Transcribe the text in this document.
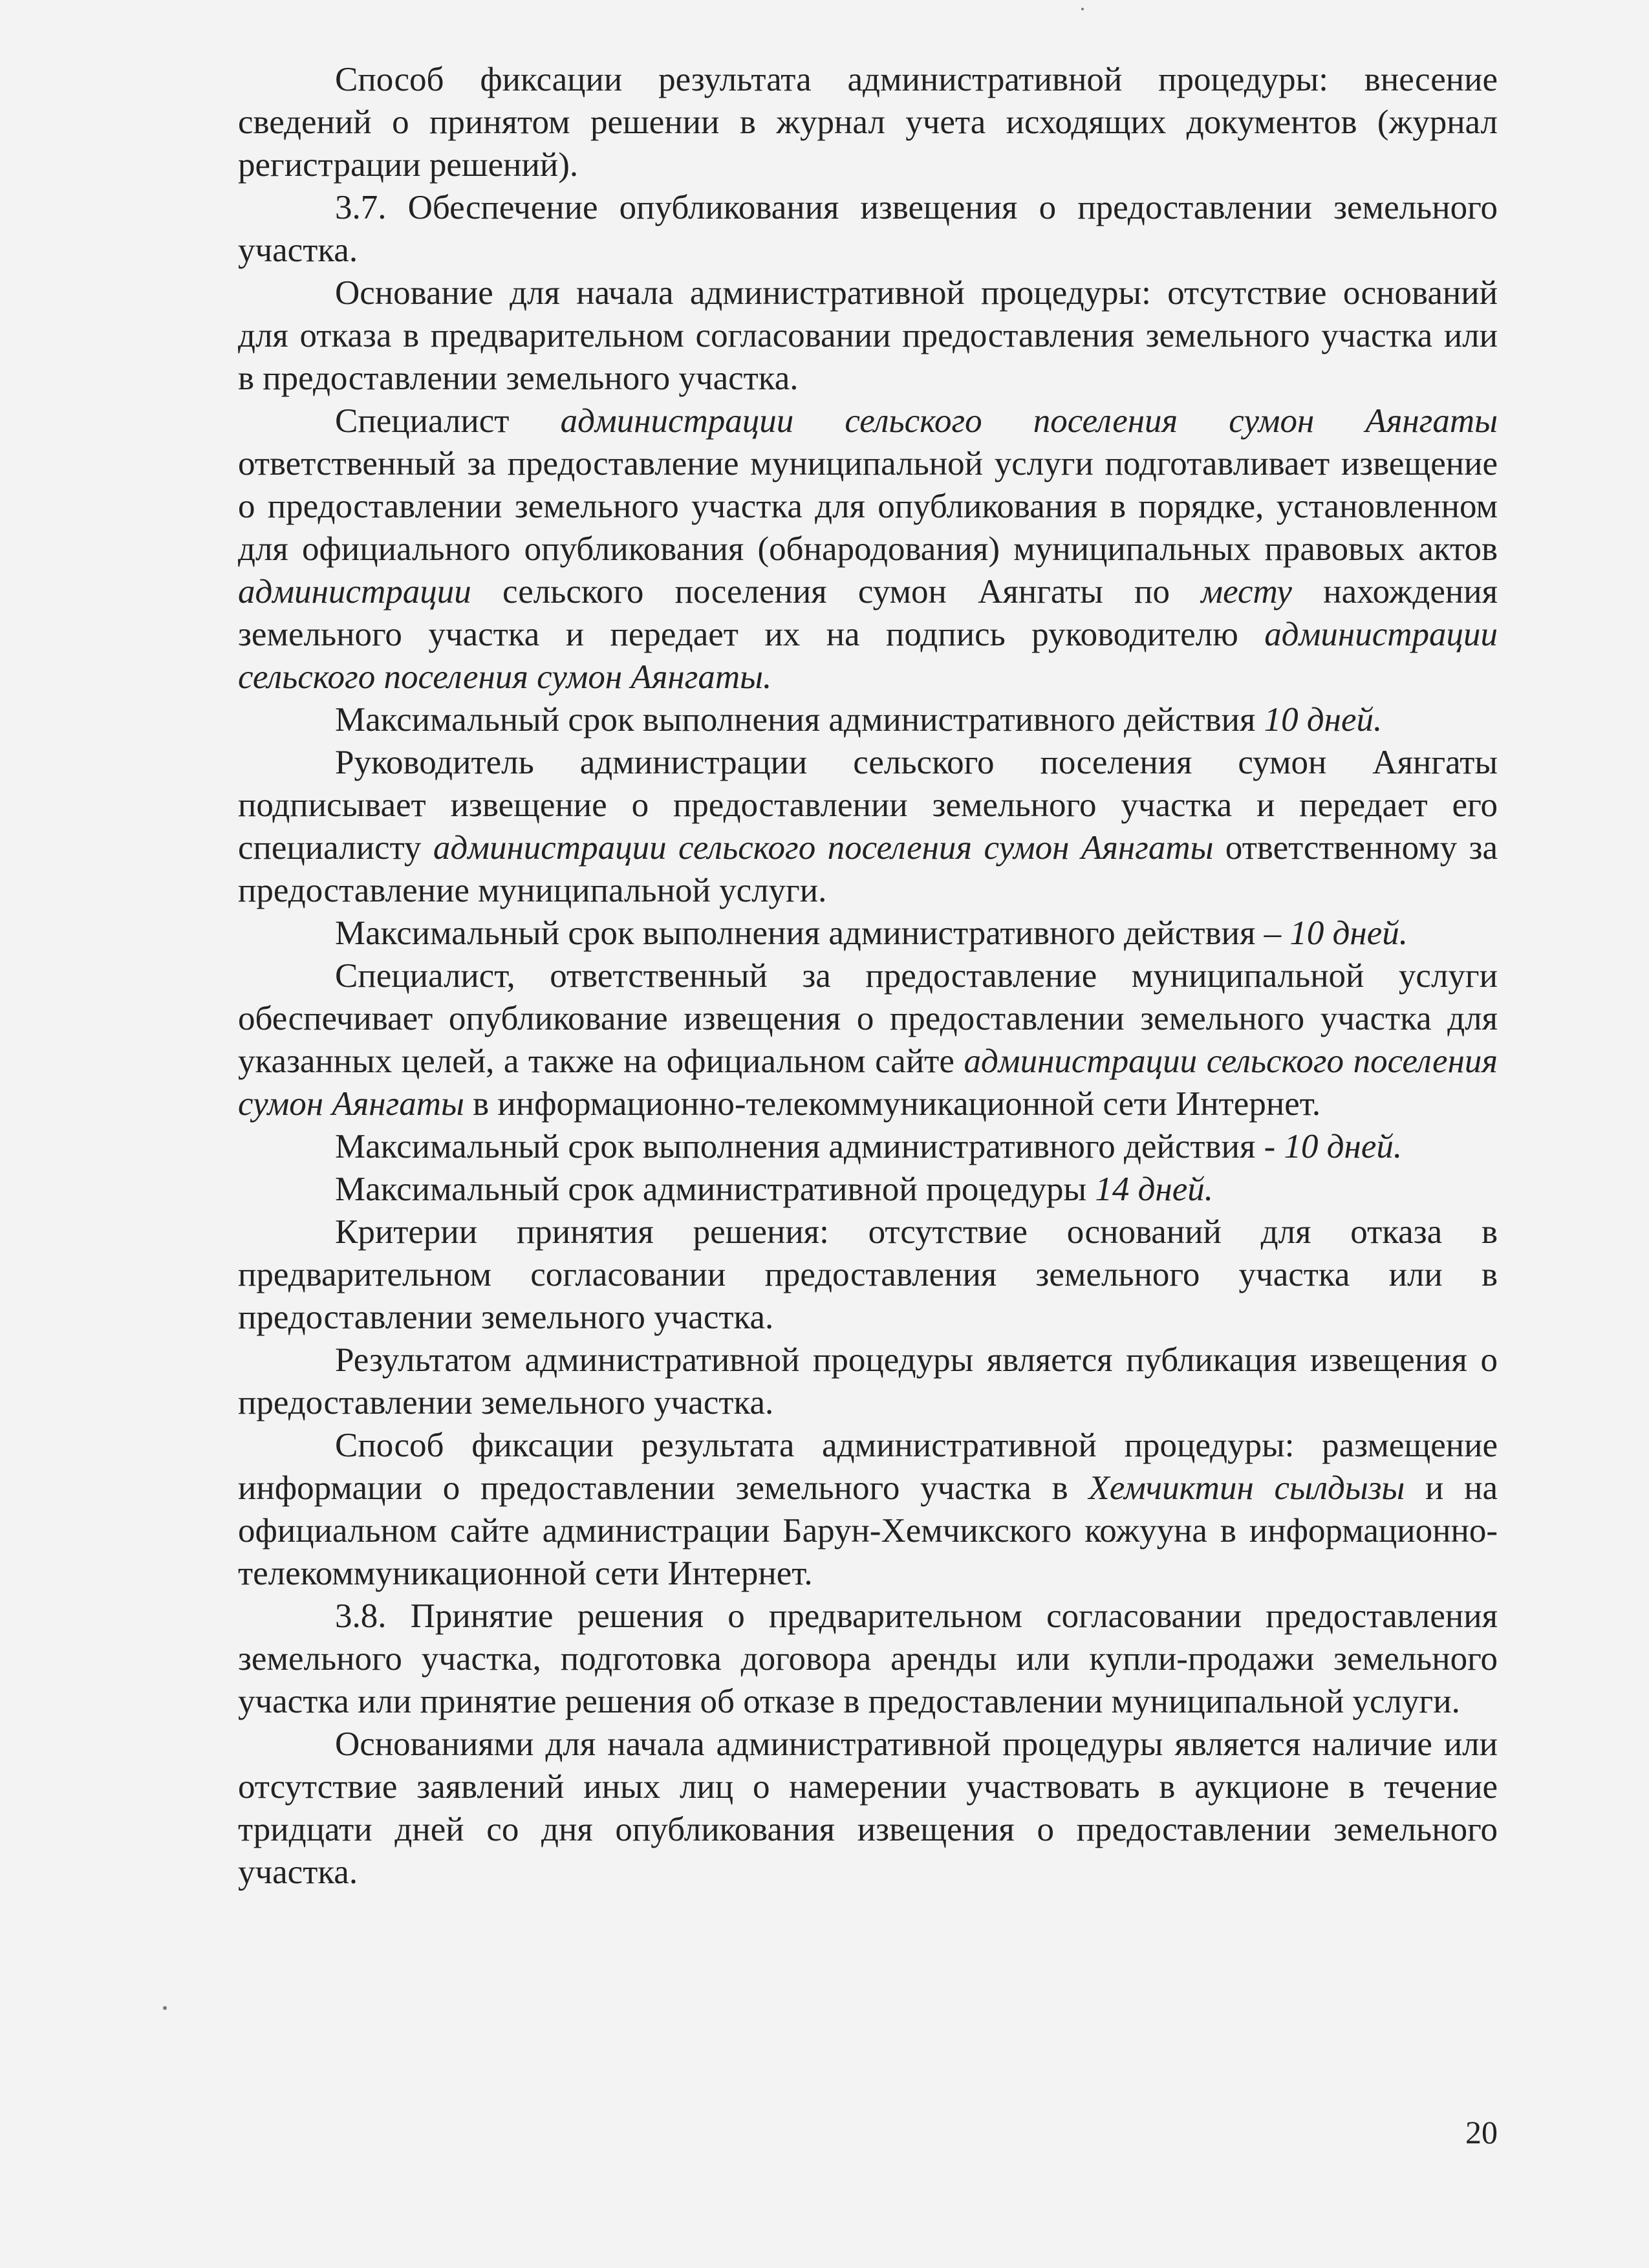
Способ фиксации результата административной процедуры: внесение сведений о принятом решении в журнал учета исходящих документов (журнал регистрации решений).

3.7. Обеспечение опубликования извещения о предоставлении земельного участка.

Основание для начала административной процедуры: отсутствие оснований для отказа в предварительном согласовании предоставления земельного участка или в предоставлении земельного участка.

Специалист администрации сельского поселения сумон Аянгаты ответственный за предоставление муниципальной услуги подготавливает извещение о предоставлении земельного участка для опубликования в порядке, установленном для официального опубликования (обнародования) муниципальных правовых актов администрации сельского поселения сумон Аянгаты по месту нахождения земельного участка и передает их на подпись руководителю администрации сельского поселения сумон Аянгаты.

Максимальный срок выполнения административного действия 10 дней.

Руководитель администрации сельского поселения сумон Аянгаты подписывает извещение о предоставлении земельного участка и передает его специалисту администрации сельского поселения сумон Аянгаты ответственному за предоставление муниципальной услуги.

Максимальный срок выполнения административного действия – 10 дней.

Специалист, ответственный за предоставление муниципальной услуги обеспечивает опубликование извещения о предоставлении земельного участка для указанных целей, а также на официальном сайте администрации сельского поселения сумон Аянгаты в информационно-телекоммуникационной сети Интернет.

Максимальный срок выполнения административного действия - 10 дней.

Максимальный срок административной процедуры 14 дней.

Критерии принятия решения: отсутствие оснований для отказа в предварительном согласовании предоставления земельного участка или в предоставлении земельного участка.

Результатом административной процедуры является публикация извещения о предоставлении земельного участка.

Способ фиксации результата административной процедуры: размещение информации о предоставлении земельного участка в Хемчиктин сылдызы и на официальном сайте администрации Барун-Хемчикского кожууна в информационно-телекоммуникационной сети Интернет.

3.8. Принятие решения о предварительном согласовании предоставления земельного участка, подготовка договора аренды или купли-продажи земельного участка или принятие решения об отказе в предоставлении муниципальной услуги.

Основаниями для начала административной процедуры является наличие или отсутствие заявлений иных лиц о намерении участвовать в аукционе в течение тридцати дней со дня опубликования извещения о предоставлении земельного участка.

20
